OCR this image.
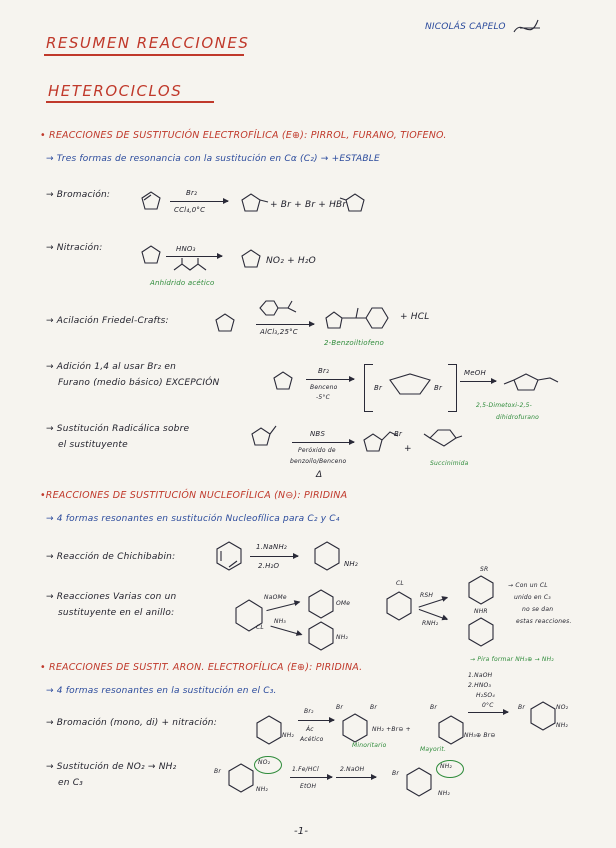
NICOLÁS CAPELO
RESUMEN REACCIONES
HETEROCICLOS
• REACCIONES DE SUSTITUCIÓN ELECTROFÍLICA (E⊕): PIRROL, FURANO, TIOFENO.
→ Tres formas de resonancia con la sustitución en Cα (C₂) → +ESTABLE
→ Bromación:	Br₂
CCl₄,0°C	+ Br + Br + HBr
→ Nitración:	HNO₃
Anhídrido acético
NO₂ + H₂O
→ Acilación Friedel-Crafts:
AlCl₃,25°C
+ HCL
2-Benzoiltiofeno
→ Adición 1,4 al usar Br₂ en
Furano (medio básico) EXCEPCIÓN
Br₂
Benceno
-5°C
Br	Br
MeOH
2,5-Dimetoxi-2,5-
dihidrofurano
→ Sustitución Radicálica sobre
el sustituyente
NBS
Peróxido de
benzoílo/Benceno
Δ
Br
+
Succinimida
•REACCIONES DE SUSTITUCIÓN NUCLEOFÍLICA (N⊖): PIRIDINA
→ 4 formas resonantes en sustitución Nucleofílica para C₂ y C₄
→ Reacción de Chichibabin:
1.NaNH₂
2.H₂O	NH₂
→ Reacciones Varias con un
sustituyente en el anillo:
CL
NaOMe
NH₃
OMe
NH₂
CL
RSH
RNH₂
SR
NHR
→ Con un CL
unido en C₃
no se dan
estas reacciones.
• REACCIONES DE SUSTIT. ARON. ELECTROFÍLICA (E⊕): PIRIDINA.
→ Pira formar NH₃⊕ → NH₂
→ 4 formas resonantes en la sustitución en el C₃.
1.NaOH
2.HNO₃
H₂SO₄
0°C
→ Bromación (mono, di) + nitración:
NH₂
Br₂
Ác
Acético
Br	Br
NH₂ +Br⊖ +
Minoritario
Br
NH₃⊕ Br⊖
Mayorit.
Br	NO₂
NH₂
→ Sustitución de NO₂ → NH₂
en C₃
Br
NO₂
NH₂
1.Fe/HCl	2.NaOH
EtOH
Br
NH₂
NH₂
-1-
